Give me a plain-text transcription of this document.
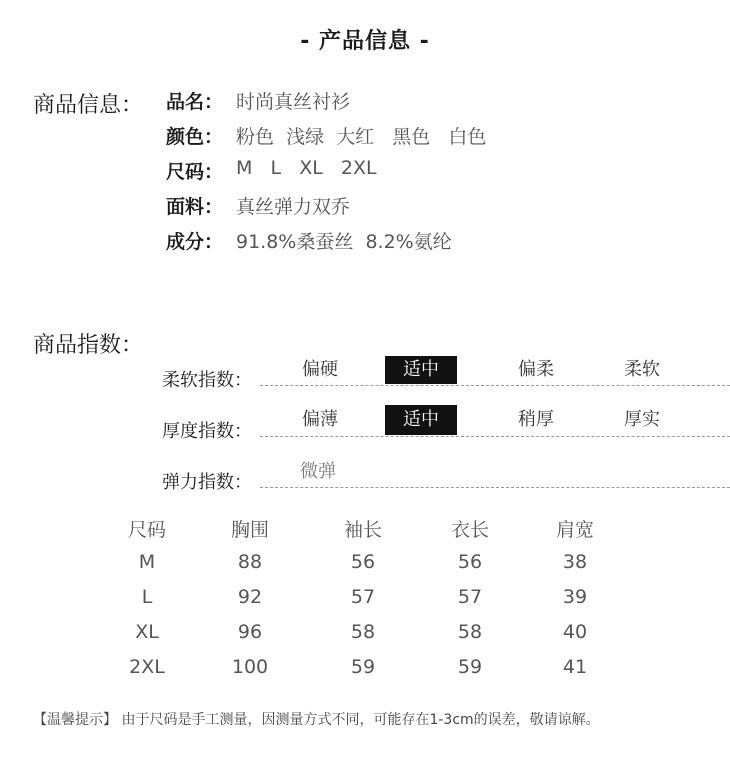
- 产品信息 -
商品信息： 品名： 时尚真丝衬衫
颜色： 粉色  浅绿  大红   黑色   白色
尺码： M   L   XL   2XL
面料： 真丝弹力双乔
成分： 91.8%桑蚕丝  8.2%氨纶
商品指数：
柔软指数：
偏硬	适中	偏柔	柔软
厚度指数：
偏薄	适中	稍厚	厚实
弹力指数：
微弹
尺码	胸围	袖长	衣长	肩宽
M	88	56	56	38
L	92	57	57	39
XL	96	58	58	40
2XL	100	59	59	41
【温馨提示】 由于尺码是手工测量，因测量方式不同，可能存在1-3cm的误差，敬请谅解。
